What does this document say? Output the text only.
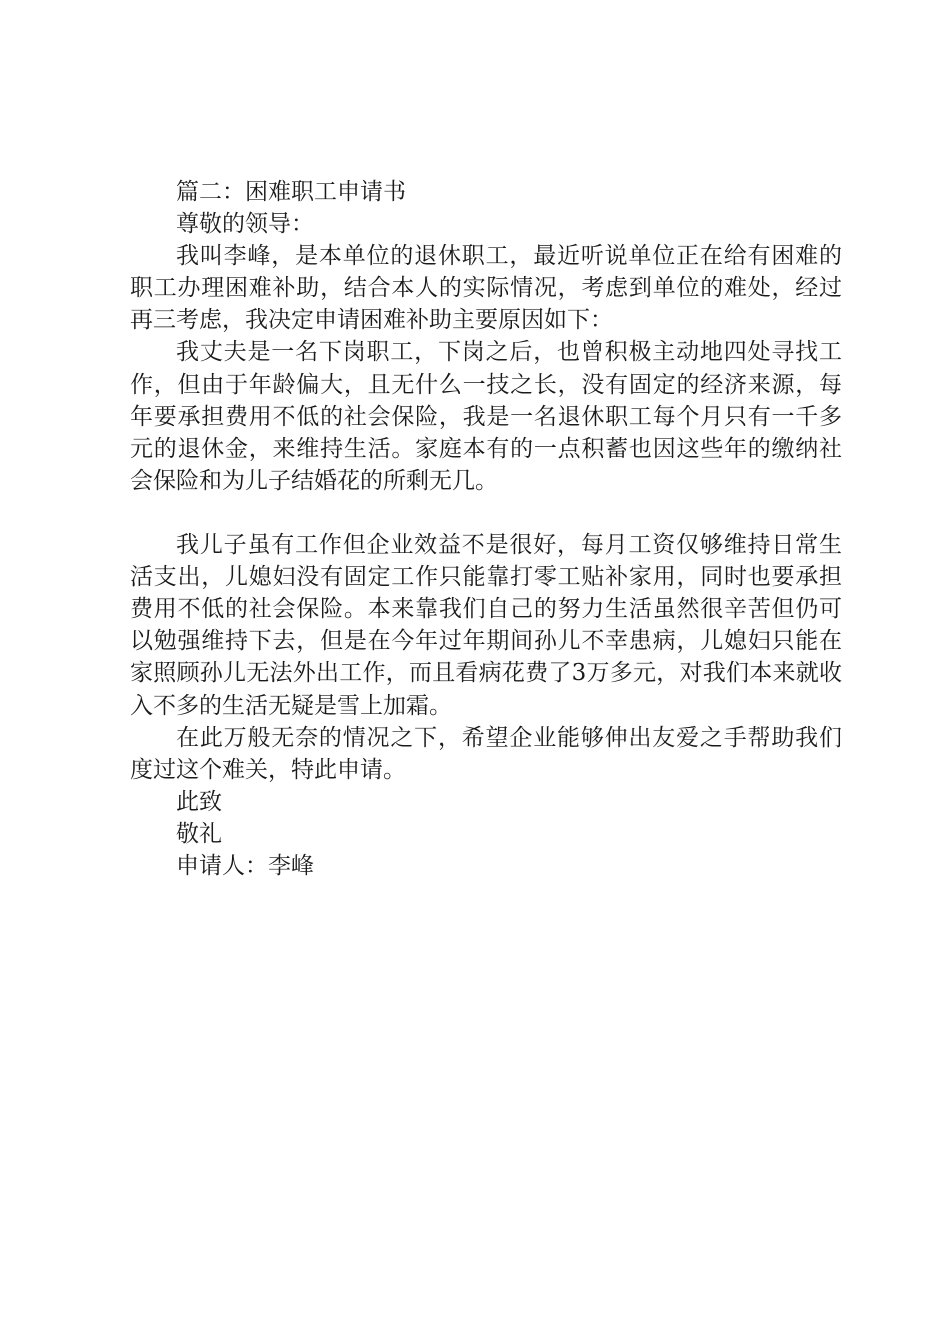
篇二：困难职工申请书

尊敬的领导：

我叫李峰，是本单位的退休职工，最近听说单位正在给有困难的职工办理困难补助，结合本人的实际情况，考虑到单位的难处，经过再三考虑，我决定申请困难补助主要原因如下：

我丈夫是一名下岗职工，下岗之后，也曾积极主动地四处寻找工作，但由于年龄偏大，且无什么一技之长，没有固定的经济来源，每年要承担费用不低的社会保险，我是一名退休职工每个月只有一千多元的退休金，来维持生活。家庭本有的一点积蓄也因这些年的缴纳社会保险和为儿子结婚花的所剩无几。

我儿子虽有工作但企业效益不是很好，每月工资仅够维持日常生活支出，儿媳妇没有固定工作只能靠打零工贴补家用，同时也要承担费用不低的社会保险。本来靠我们自己的努力生活虽然很辛苦但仍可以勉强维持下去，但是在今年过年期间孙儿不幸患病，儿媳妇只能在家照顾孙儿无法外出工作，而且看病花费了3万多元，对我们本来就收入不多的生活无疑是雪上加霜。

在此万般无奈的情况之下，希望企业能够伸出友爱之手帮助我们度过这个难关，特此申请。

此致

敬礼

申请人：李峰
